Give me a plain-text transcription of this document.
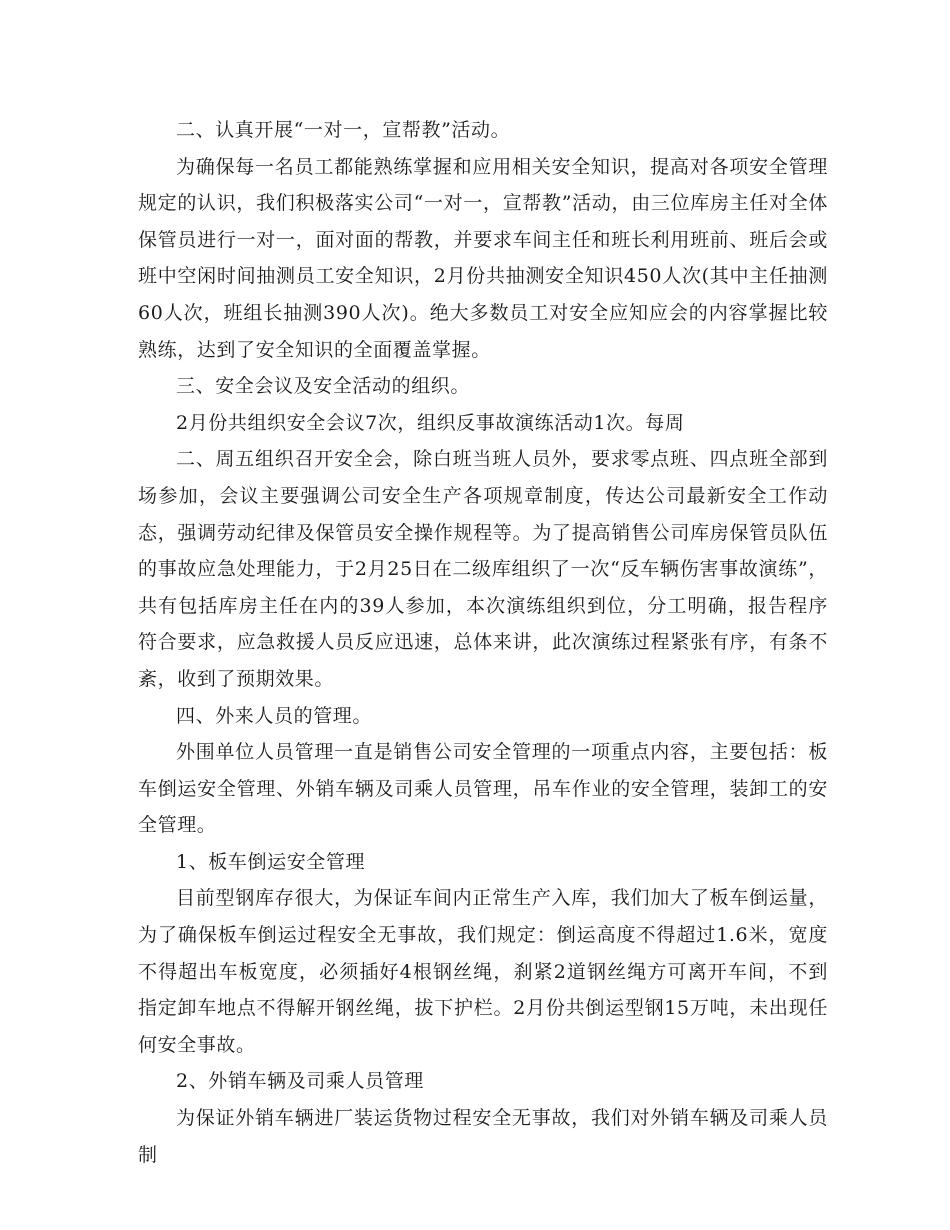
二、认真开展“一对一，宣帮教”活动。

为确保每一名员工都能熟练掌握和应用相关安全知识，提高对各项安全管理规定的认识，我们积极落实公司“一对一，宣帮教”活动，由三位库房主任对全体保管员进行一对一，面对面的帮教，并要求车间主任和班长利用班前、班后会或班中空闲时间抽测员工安全知识，2月份共抽测安全知识450人次(其中主任抽测60人次，班组长抽测390人次)。绝大多数员工对安全应知应会的内容掌握比较熟练，达到了安全知识的全面覆盖掌握。

三、安全会议及安全活动的组织。

2月份共组织安全会议7次，组织反事故演练活动1次。每周

二、周五组织召开安全会，除白班当班人员外，要求零点班、四点班全部到场参加，会议主要强调公司安全生产各项规章制度，传达公司最新安全工作动态，强调劳动纪律及保管员安全操作规程等。为了提高销售公司库房保管员队伍的事故应急处理能力，于2月25日在二级库组织了一次“反车辆伤害事故演练”，共有包括库房主任在内的39人参加，本次演练组织到位，分工明确，报告程序符合要求，应急救援人员反应迅速，总体来讲，此次演练过程紧张有序，有条不紊，收到了预期效果。

四、外来人员的管理。

外围单位人员管理一直是销售公司安全管理的一项重点内容，主要包括：板车倒运安全管理、外销车辆及司乘人员管理，吊车作业的安全管理，装卸工的安全管理。

1、板车倒运安全管理

目前型钢库存很大，为保证车间内正常生产入库，我们加大了板车倒运量，为了确保板车倒运过程安全无事故，我们规定：倒运高度不得超过1.6米，宽度不得超出车板宽度，必须插好4根钢丝绳，刹紧2道钢丝绳方可离开车间，不到指定卸车地点不得解开钢丝绳，拔下护栏。2月份共倒运型钢15万吨，未出现任何安全事故。

2、外销车辆及司乘人员管理

为保证外销车辆进厂装运货物过程安全无事故，我们对外销车辆及司乘人员制
